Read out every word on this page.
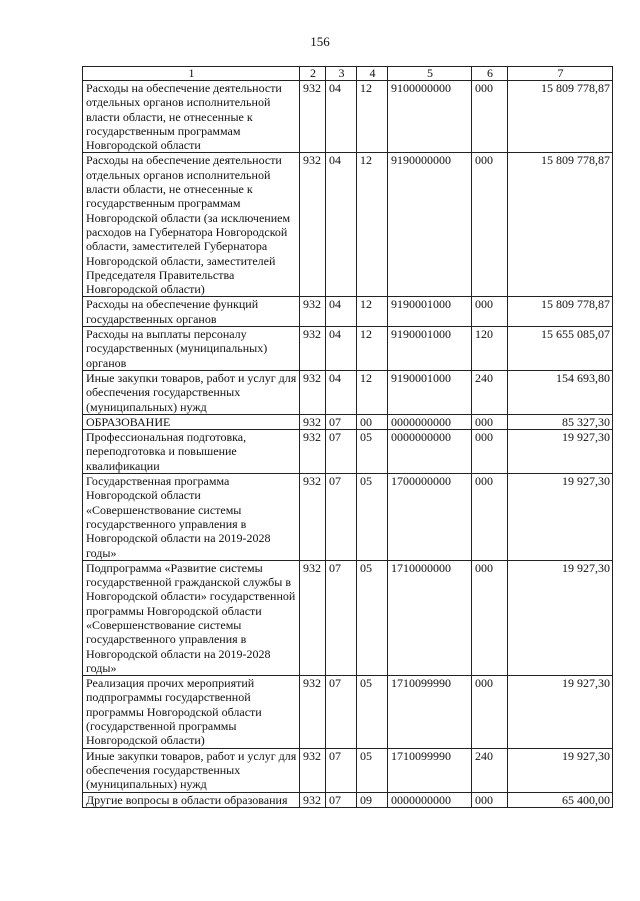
156
1	2	3	4	5	6	7
Расходы на обеспечение деятельности отдельных органов исполнительной власти области, не отнесенные к государственным программам Новгородской области	932	04	12	9100000000	000	15 809 778,87
Расходы на обеспечение деятельности отдельных органов исполнительной власти области, не отнесенные к государственным программам Новгородской области (за исключением расходов на Губернатора Новгородской области, заместителей Губернатора Новгородской области, заместителей Председателя Правительства Новгородской области)	932	04	12	9190000000	000	15 809 778,87
Расходы на обеспечение функций государственных органов	932	04	12	9190001000	000	15 809 778,87
Расходы на выплаты персоналу государственных (муниципальных) органов	932	04	12	9190001000	120	15 655 085,07
Иные закупки товаров, работ и услуг для обеспечения государственных (муниципальных) нужд	932	04	12	9190001000	240	154 693,80
ОБРАЗОВАНИЕ	932	07	00	0000000000	000	85 327,30
Профессиональная подготовка, переподготовка и повышение квалификации	932	07	05	0000000000	000	19 927,30
Государственная программа Новгородской области «Совершенствование системы государственного управления в Новгородской области на 2019-2028 годы»	932	07	05	1700000000	000	19 927,30
Подпрограмма «Развитие системы государственной гражданской службы в Новгородской области» государственной программы Новгородской области «Совершенствование системы государственного управления в Новгородской области на 2019-2028 годы»	932	07	05	1710000000	000	19 927,30
Реализация прочих мероприятий подпрограммы государственной программы Новгородской области (государственной программы Новгородской области)	932	07	05	1710099990	000	19 927,30
Иные закупки товаров, работ и услуг для обеспечения государственных (муниципальных) нужд	932	07	05	1710099990	240	19 927,30
Другие вопросы в области образования	932	07	09	0000000000	000	65 400,00
